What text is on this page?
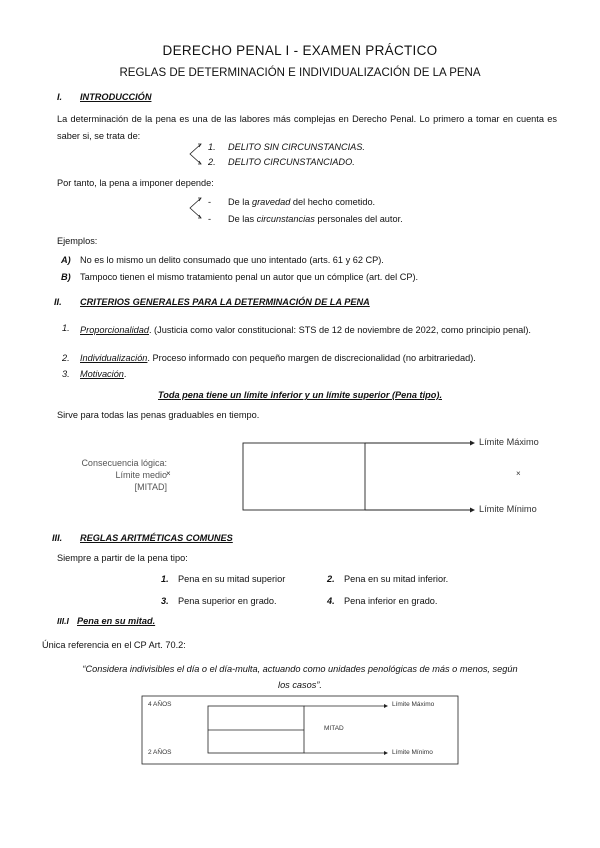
DERECHO PENAL I - EXAMEN PRÁCTICO
REGLAS DE DETERMINACIÓN E INDIVIDUALIZACIÓN DE LA PENA
I. INTRODUCCIÓN
La determinación de la pena es una de las labores más complejas en Derecho Penal. Lo primero a tomar en cuenta es saber si, se trata de:
1. DELITO SIN CIRCUNSTANCIAS.
2. DELITO CIRCUNSTANCIADO.
Por tanto, la pena a imponer depende:
- De la gravedad del hecho cometido.
- De las circunstancias personales del autor.
Ejemplos:
A) No es lo mismo un delito consumado que uno intentado (arts. 61 y 62 CP).
B) Tampoco tienen el mismo tratamiento penal un autor que un cómplice (art. del CP).
II. CRITERIOS GENERALES PARA LA DETERMINACIÓN DE LA PENA
1. Proporcionalidad. (Justicia como valor constitucional: STS de 12 de noviembre de 2022, como principio penal).
2. Individualización. Proceso informado con pequeño margen de discrecionalidad (no arbitrariedad).
3. Motivación.
Toda pena tiene un límite inferior y un límite superior (Pena tipo).
Sirve para todas las penas graduables en tiempo.
Consecuencia lógica:
Límite medio
[MITAD]
×	×
Límite Máximo
Límite Mínimo
III. REGLAS ARITMÉTICAS COMUNES
Siempre a partir de la pena tipo:
1. Pena en su mitad superior	2. Pena en su mitad inferior.
3. Pena superior en grado.	4. Pena inferior en grado.
III.I Pena en su mitad.
Única referencia en el CP Art. 70.2:
“Considera indivisibles el día o el día-multa, actuando como unidades penológicas de más o menos, según los casos”.
4 AÑOS
2 AÑOS
MITAD
Límite Máximo
Límite Mínimo
